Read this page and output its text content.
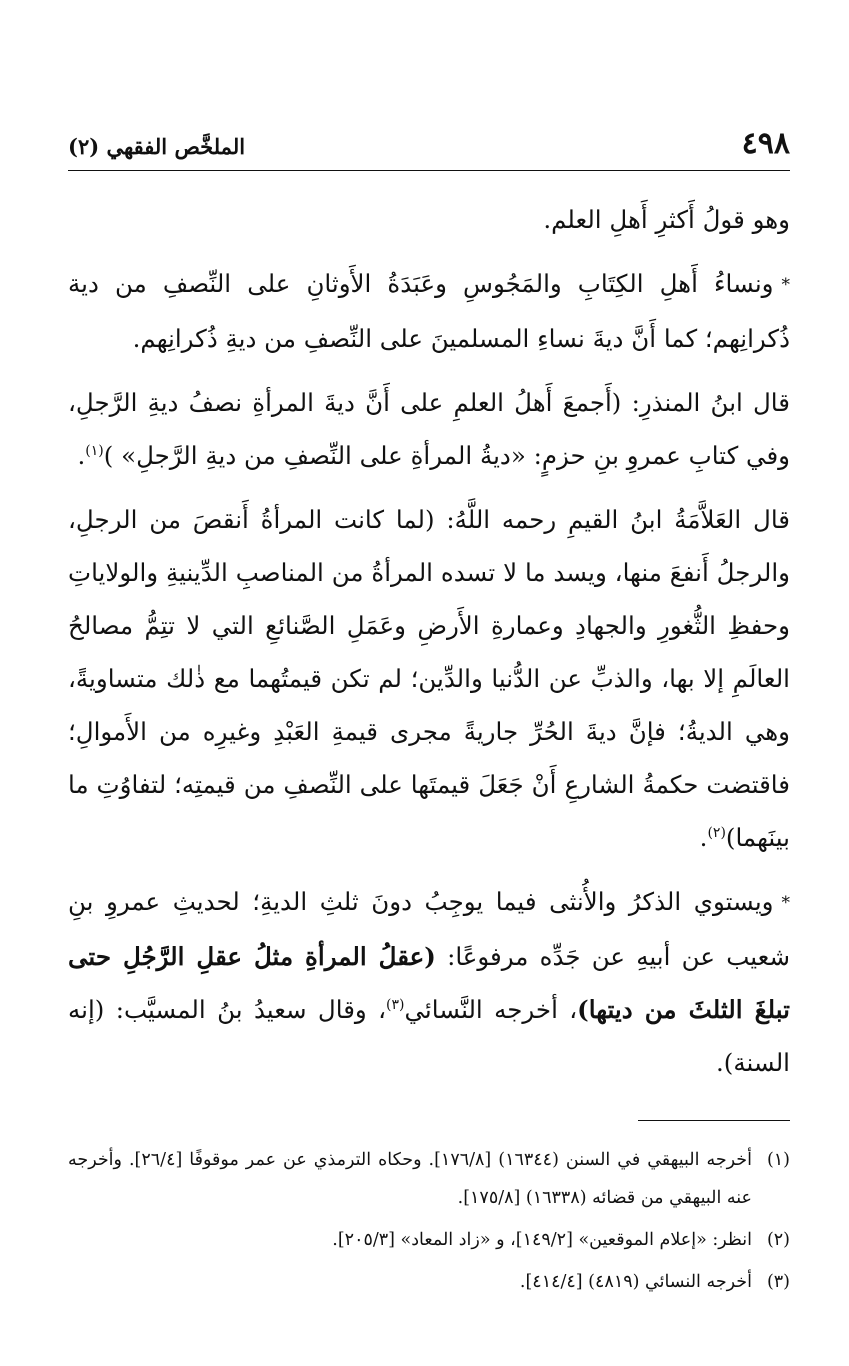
٤٩٨
الملخَّص الفقهي (٢)

وهو قولُ أَكثرِ أَهلِ العلم.

*ونساءُ أَهلِ الكِتَابِ والمَجُوسِ وعَبَدَةُ الأَوثانِ على النِّصفِ من دية ذُكرانِهم؛ كما أَنَّ ديةَ نساءِ المسلمينَ على النِّصفِ من ديةِ ذُكرانِهم.

قال ابنُ المنذرِ: (أَجمعَ أَهلُ العلمِ على أَنَّ ديةَ المرأةِ نصفُ ديةِ الرَّجلِ، وفي كتابِ عمروِ بنِ حزمٍ: «ديةُ المرأةِ على النِّصفِ من ديةِ الرَّجلِ» )$^{(١)}$.

قال العَلاَّمَةُ ابنُ القيمِ رحمه اللَّهُ: (لما كانت المرأةُ أَنقصَ من الرجلِ، والرجلُ أَنفعَ منها، ويسد ما لا تسده المرأةُ من المناصبِ الدِّينيةِ والولاياتِ وحفظِ الثُّغورِ والجهادِ وعمارةِ الأَرضِ وعَمَلِ الصَّنائعِ التي لا تتِمُّ مصالحُ العالَمِ إلا بها، والذبِّ عن الدُّنيا والدِّين؛ لم تكن قيمتُهما مع ذٰلك متساويةً، وهي الديةُ؛ فإنَّ ديةَ الحُرِّ جاريةً مجرى قيمةِ العَبْدِ وغيرِه من الأَموالِ؛ فاقتضت حكمةُ الشارعِ أَنْ جَعَلَ قيمتَها على النِّصفِ من قيمتِه؛ لتفاوُتِ ما بينَهما)$^{(٢)}$.

*ويستوي الذكرُ والأُنثى فيما يوجِبُ دونَ ثلثِ الديةِ؛ لحديثِ عمروِ بنِ شعيب عن أبيهِ عن جَدِّه مرفوعًا: (عقلُ المرأةِ مثلُ عقلِ الرَّجُلِ حتى تبلغَ الثلثَ من ديتها)، أخرجه النَّسائي$^{(٣)}$، وقال سعيدُ بنُ المسيَّب: (إنه السنة).

(١)
أخرجه البيهقي في السنن (١٦٣٤٤) [١٧٦/٨]. وحكاه الترمذي عن عمر موقوفًا [٢٦/٤]. وأخرجه عنه البيهقي من قضائه (١٦٣٣٨) [١٧٥/٨].
(٢)
انظر: «إعلام الموقعين» [١٤٩/٢]، و «زاد المعاد» [٢٠٥/٣].
(٣)
أخرجه النسائي (٤٨١٩) [٤١٤/٤].
